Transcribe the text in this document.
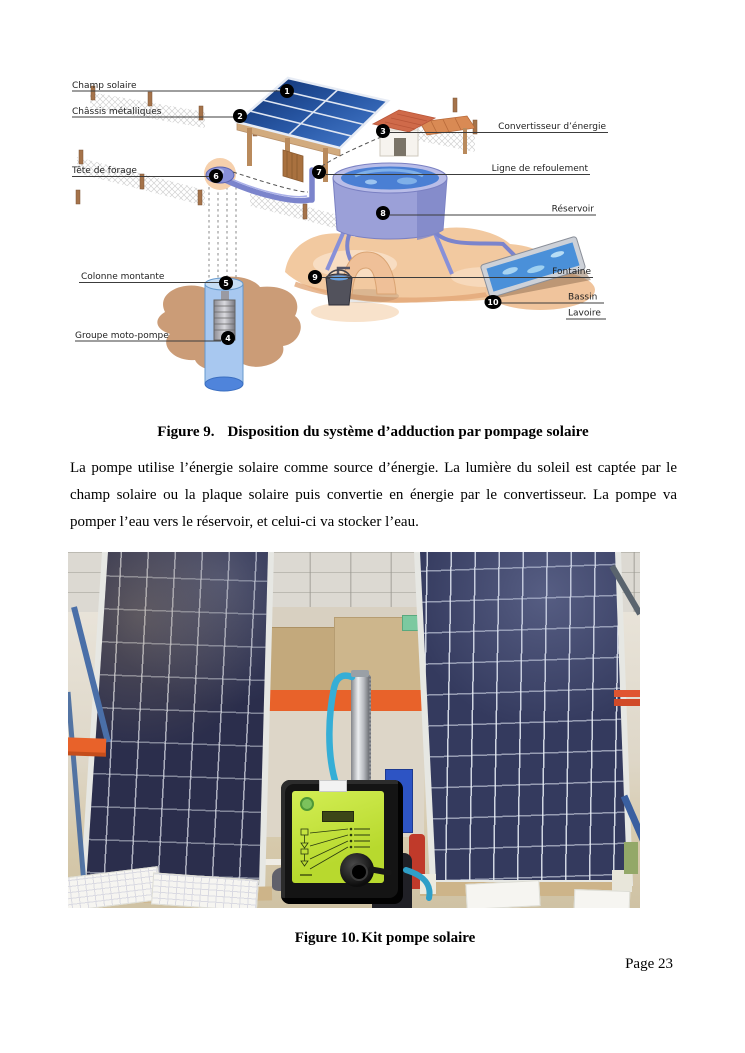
Champ solaire
Châssis métalliques
Tête de forage
Colonne montante
Groupe moto-pompe
Convertisseur d’énergie
Ligne de refoulement
Réservoir
Fontaine
Bassin
Lavoire
1
2
3
4
5
6	7
8
9
10
Figure 9. Disposition du système d’adduction par pompage solaire
La pompe utilise l’énergie solaire comme source d’énergie. La lumière du soleil est captée par le champ solaire ou la plaque solaire puis convertie en énergie par le convertisseur. La pompe va pomper l’eau vers le réservoir, et celui-ci va stocker l’eau.
Figure 10. Kit pompe solaire
Page 23
